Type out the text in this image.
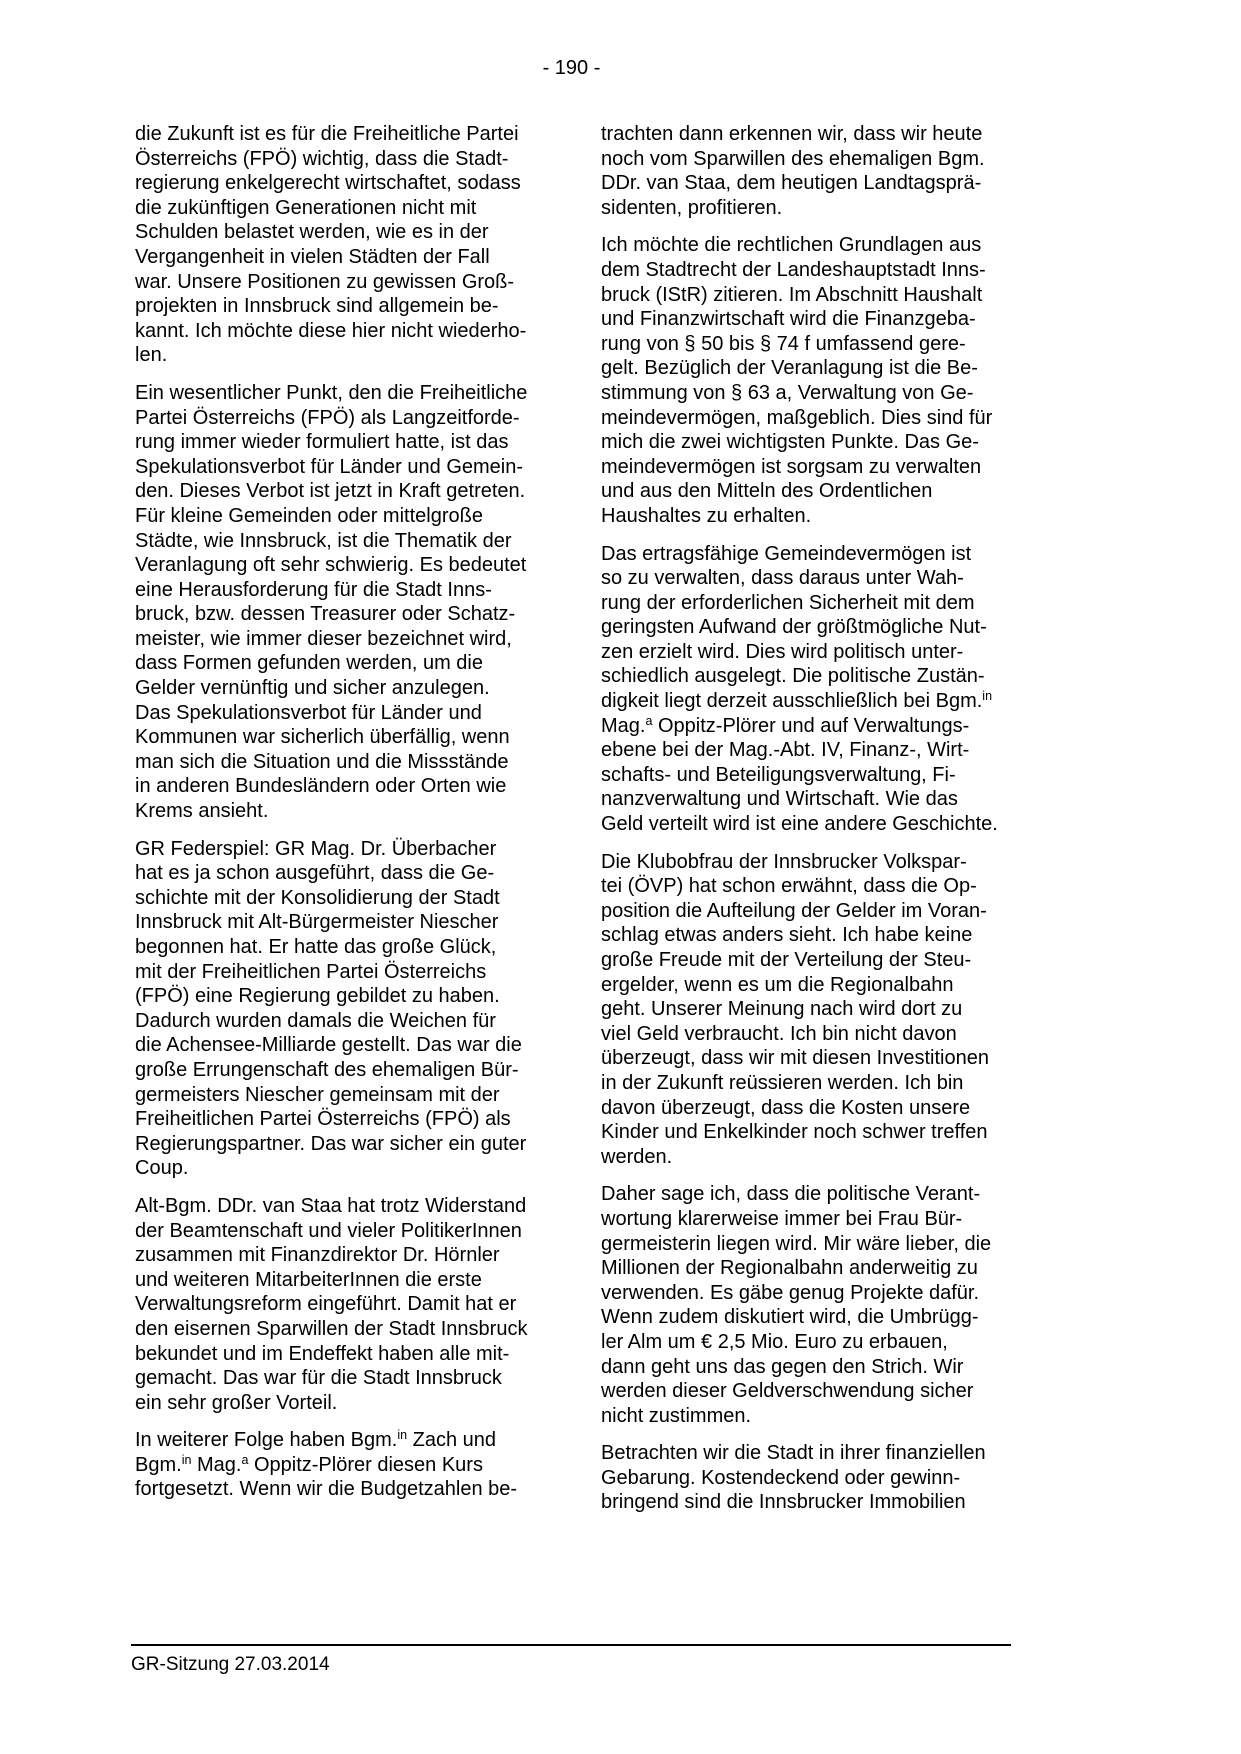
- 190 -

die Zukunft ist es für die Freiheitliche Partei
Österreichs (FPÖ) wichtig, dass die Stadt-
regierung enkelgerecht wirtschaftet, sodass
die zukünftigen Generationen nicht mit
Schulden belastet werden, wie es in der
Vergangenheit in vielen Städten der Fall
war. Unsere Positionen zu gewissen Groß-
projekten in Innsbruck sind allgemein be-
kannt. Ich möchte diese hier nicht wiederho-
len.

Ein wesentlicher Punkt, den die Freiheitliche
Partei Österreichs (FPÖ) als Langzeitforde-
rung immer wieder formuliert hatte, ist das
Spekulationsverbot für Länder und Gemein-
den. Dieses Verbot ist jetzt in Kraft getreten.
Für kleine Gemeinden oder mittelgroße
Städte, wie Innsbruck, ist die Thematik der
Veranlagung oft sehr schwierig. Es bedeutet
eine Herausforderung für die Stadt Inns-
bruck, bzw. dessen Treasurer oder Schatz-
meister, wie immer dieser bezeichnet wird,
dass Formen gefunden werden, um die
Gelder vernünftig und sicher anzulegen.
Das Spekulationsverbot für Länder und
Kommunen war sicherlich überfällig, wenn
man sich die Situation und die Missstände
in anderen Bundesländern oder Orten wie
Krems ansieht.

GR Federspiel: GR Mag. Dr. Überbacher
hat es ja schon ausgeführt, dass die Ge-
schichte mit der Konsolidierung der Stadt
Innsbruck mit Alt-Bürgermeister Niescher
begonnen hat. Er hatte das große Glück,
mit der Freiheitlichen Partei Österreichs
(FPÖ) eine Regierung gebildet zu haben.
Dadurch wurden damals die Weichen für
die Achensee-Milliarde gestellt. Das war die
große Errungenschaft des ehemaligen Bür-
germeisters Niescher gemeinsam mit der
Freiheitlichen Partei Österreichs (FPÖ) als
Regierungspartner. Das war sicher ein guter
Coup.

Alt-Bgm. DDr. van Staa hat trotz Widerstand
der Beamtenschaft und vieler PolitikerInnen
zusammen mit Finanzdirektor Dr. Hörnler
und weiteren MitarbeiterInnen die erste
Verwaltungsreform eingeführt. Damit hat er
den eisernen Sparwillen der Stadt Innsbruck
bekundet und im Endeffekt haben alle mit-
gemacht. Das war für die Stadt Innsbruck
ein sehr großer Vorteil.

In weiterer Folge haben Bgm.$^{in}$ Zach und
Bgm.$^{in}$ Mag.$^a$ Oppitz-Plörer diesen Kurs
fortgesetzt. Wenn wir die Budgetzahlen be-

trachten dann erkennen wir, dass wir heute
noch vom Sparwillen des ehemaligen Bgm.
DDr. van Staa, dem heutigen Landtagsprä-
sidenten, profitieren.

Ich möchte die rechtlichen Grundlagen aus
dem Stadtrecht der Landeshauptstadt Inns-
bruck (IStR) zitieren. Im Abschnitt Haushalt
und Finanzwirtschaft wird die Finanzgeba-
rung von § 50 bis § 74 f umfassend gere-
gelt. Bezüglich der Veranlagung ist die Be-
stimmung von § 63 a, Verwaltung von Ge-
meindevermögen, maßgeblich. Dies sind für
mich die zwei wichtigsten Punkte. Das Ge-
meindevermögen ist sorgsam zu verwalten
und aus den Mitteln des Ordentlichen
Haushaltes zu erhalten.

Das ertragsfähige Gemeindevermögen ist
so zu verwalten, dass daraus unter Wah-
rung der erforderlichen Sicherheit mit dem
geringsten Aufwand der größtmögliche Nut-
zen erzielt wird. Dies wird politisch unter-
schiedlich ausgelegt. Die politische Zustän-
digkeit liegt derzeit ausschließlich bei Bgm.$^{in}$
Mag.$^a$ Oppitz-Plörer und auf Verwaltungs-
ebene bei der Mag.-Abt. IV, Finanz-, Wirt-
schafts- und Beteiligungsverwaltung, Fi-
nanzverwaltung und Wirtschaft. Wie das
Geld verteilt wird ist eine andere Geschichte.

Die Klubobfrau der Innsbrucker Volkspar-
tei (ÖVP) hat schon erwähnt, dass die Op-
position die Aufteilung der Gelder im Voran-
schlag etwas anders sieht. Ich habe keine
große Freude mit der Verteilung der Steu-
ergelder, wenn es um die Regionalbahn
geht. Unserer Meinung nach wird dort zu
viel Geld verbraucht. Ich bin nicht davon
überzeugt, dass wir mit diesen Investitionen
in der Zukunft reüssieren werden. Ich bin
davon überzeugt, dass die Kosten unsere
Kinder und Enkelkinder noch schwer treffen
werden.

Daher sage ich, dass die politische Verant-
wortung klarerweise immer bei Frau Bür-
germeisterin liegen wird. Mir wäre lieber, die
Millionen der Regionalbahn anderweitig zu
verwenden. Es gäbe genug Projekte dafür.
Wenn zudem diskutiert wird, die Umbrügg-
ler Alm um € 2,5 Mio. Euro zu erbauen,
dann geht uns das gegen den Strich. Wir
werden dieser Geldverschwendung sicher
nicht zustimmen.

Betrachten wir die Stadt in ihrer finanziellen
Gebarung. Kostendeckend oder gewinn-
bringend sind die Innsbrucker Immobilien

GR-Sitzung 27.03.2014
